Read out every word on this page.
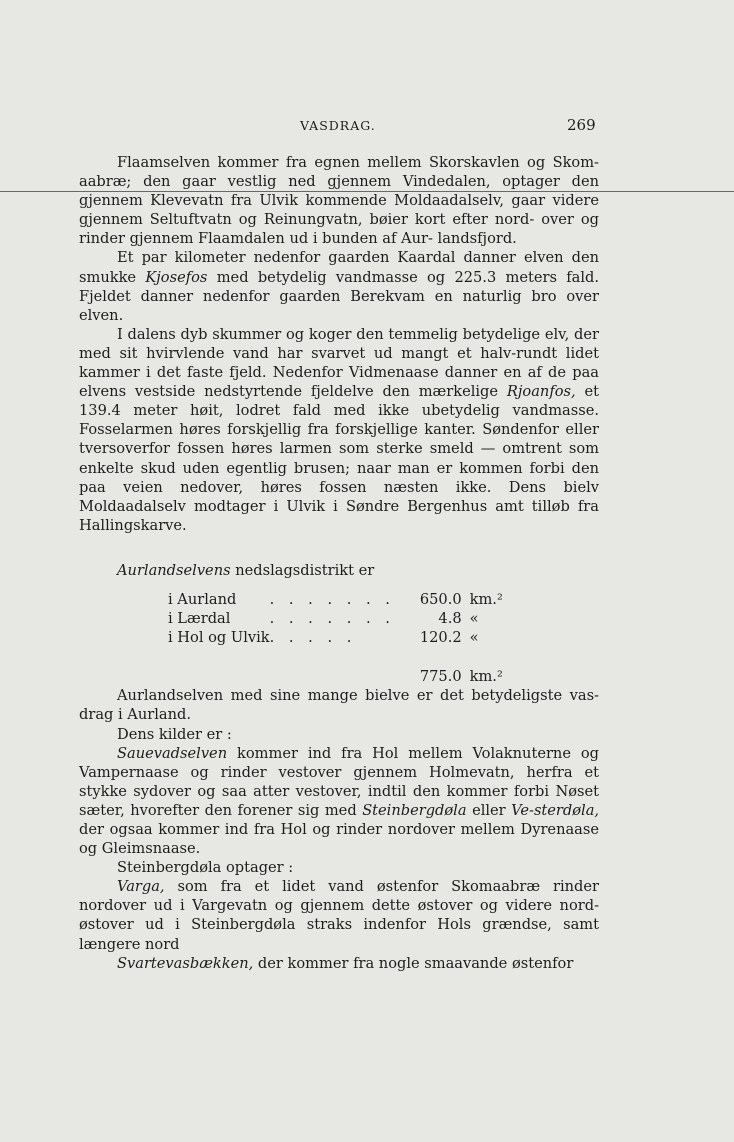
VASDRAG.	269

Flaamselven kommer fra egnen mellem Skorskavlen og Skom- aabræ; den gaar vestlig ned gjennem Vindedalen, optager den gjennem Klevevatn fra Ulvik kommende Moldaadalselv, gaar videre gjennem Seltuftvatn og Reinungvatn, bøier kort efter nord- over og rinder gjennem Flaamdalen ud i bunden af Aur- landsfjord.

Et par kilometer nedenfor gaarden Kaardal danner elven den smukke Kjosefos med betydelig vandmasse og 225.3 meters fald. Fjeldet danner nedenfor gaarden Berekvam en naturlig bro over elven.

I dalens dyb skummer og koger den temmelig betydelige elv, der med sit hvirvlende vand har svarvet ud mangt et halv-rundt lidet kammer i det faste fjeld. Nedenfor Vidmenaase danner en af de paa elvens vestside nedstyrtende fjeldelve den mærkelige Rjoanfos, et 139.4 meter høit, lodret fald med ikke ubetydelig vandmasse. Fosselarmen høres forskjellig fra forskjellige kanter. Søndenfor eller tversoverfor fossen høres larmen som sterke smeld — omtrent som enkelte skud uden egentlig brusen; naar man er kommen forbi den paa veien nedover, høres fossen næsten ikke. Dens bielv Moldaadalselv modtager i Ulvik i Søndre Bergenhus amt tilløb fra Hallingskarve.

Aurlandselvens nedslagsdistrikt er

i Aurland	. . . . . . .	650.0	km.²
i Lærdal	. . . . . . .	4.8	«
i Hol og Ulvik	. . . . .	120.2	«
		775.0	km.²

Aurlandselven med sine mange bielve er det betydeligste vas-drag i Aurland.

Dens kilder er :

Sauevadselven kommer ind fra Hol mellem Volaknuterne og Vampernaase og rinder vestover gjennem Holmevatn, herfra et stykke sydover og saa atter vestover, indtil den kommer forbi Nøset sæter, hvorefter den forener sig med Steinbergdøla eller Ve-sterdøla, der ogsaa kommer ind fra Hol og rinder nordover mellem Dyrenaase og Gleimsnaase.

Steinbergdøla optager :

Varga, som fra et lidet vand østenfor Skomaabræ rinder nordover ud i Vargevatn og gjennem dette østover og videre nord-østover ud i Steinbergdøla straks indenfor Hols grændse, samt længere nord

Svartevasbækken, der kommer fra nogle smaavande østenfor
